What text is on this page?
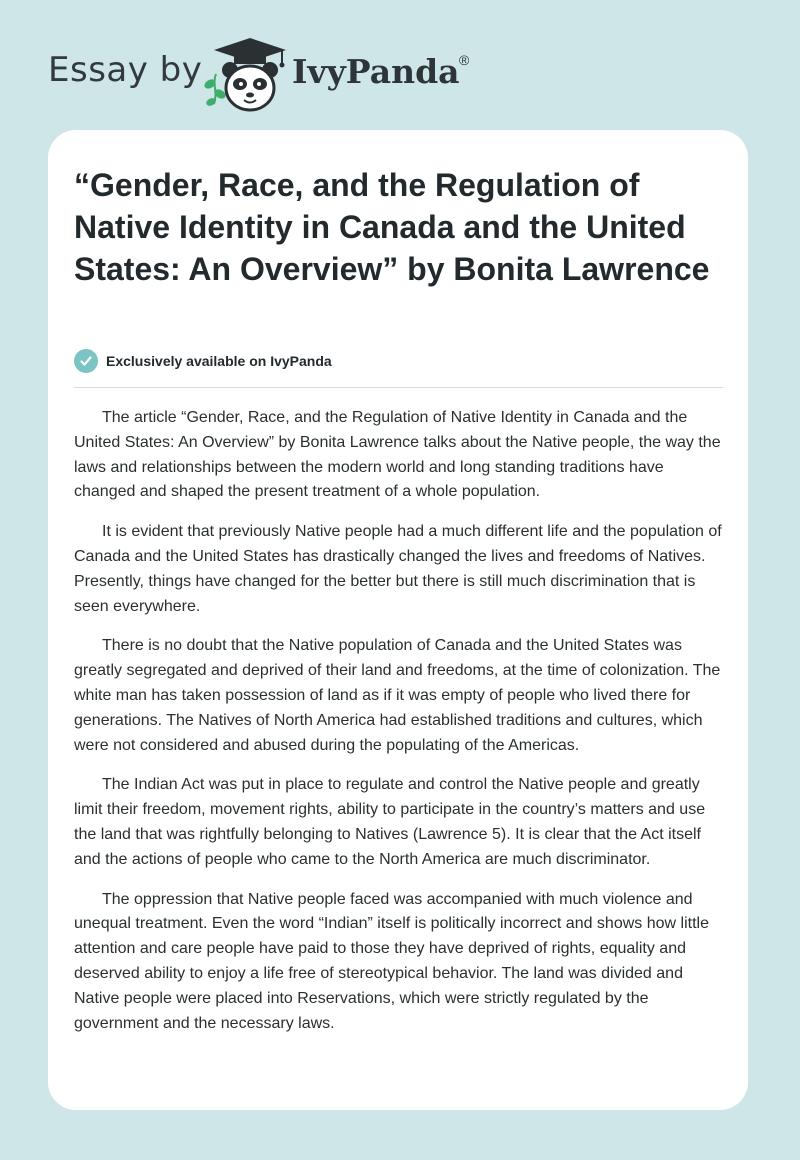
Essay by	IvyPanda ®
“Gender, Race, and the Regulation of Native Identity in Canada and the United States: An Overview” by Bonita Lawrence
Exclusively available on IvyPanda

The article “Gender, Race, and the Regulation of Native Identity in Canada and the United States: An Overview” by Bonita Lawrence talks about the Native people, the way the laws and relationships between the modern world and long standing traditions have changed and shaped the present treatment of a whole population.

It is evident that previously Native people had a much different life and the population of Canada and the United States has drastically changed the lives and freedoms of Natives. Presently, things have changed for the better but there is still much discrimination that is seen everywhere.

There is no doubt that the Native population of Canada and the United States was greatly segregated and deprived of their land and freedoms, at the time of colonization. The white man has taken possession of land as if it was empty of people who lived there for generations. The Natives of North America had established traditions and cultures, which were not considered and abused during the populating of the Americas.

The Indian Act was put in place to regulate and control the Native people and greatly limit their freedom, movement rights, ability to participate in the country’s matters and use the land that was rightfully belonging to Natives (Lawrence 5). It is clear that the Act itself and the actions of people who came to the North America are much discriminator.

The oppression that Native people faced was accompanied with much violence and unequal treatment. Even the word “Indian” itself is politically incorrect and shows how little attention and care people have paid to those they have deprived of rights, equality and deserved ability to enjoy a life free of stereotypical behavior. The land was divided and Native people were placed into Reservations, which were strictly regulated by the government and the necessary laws.
